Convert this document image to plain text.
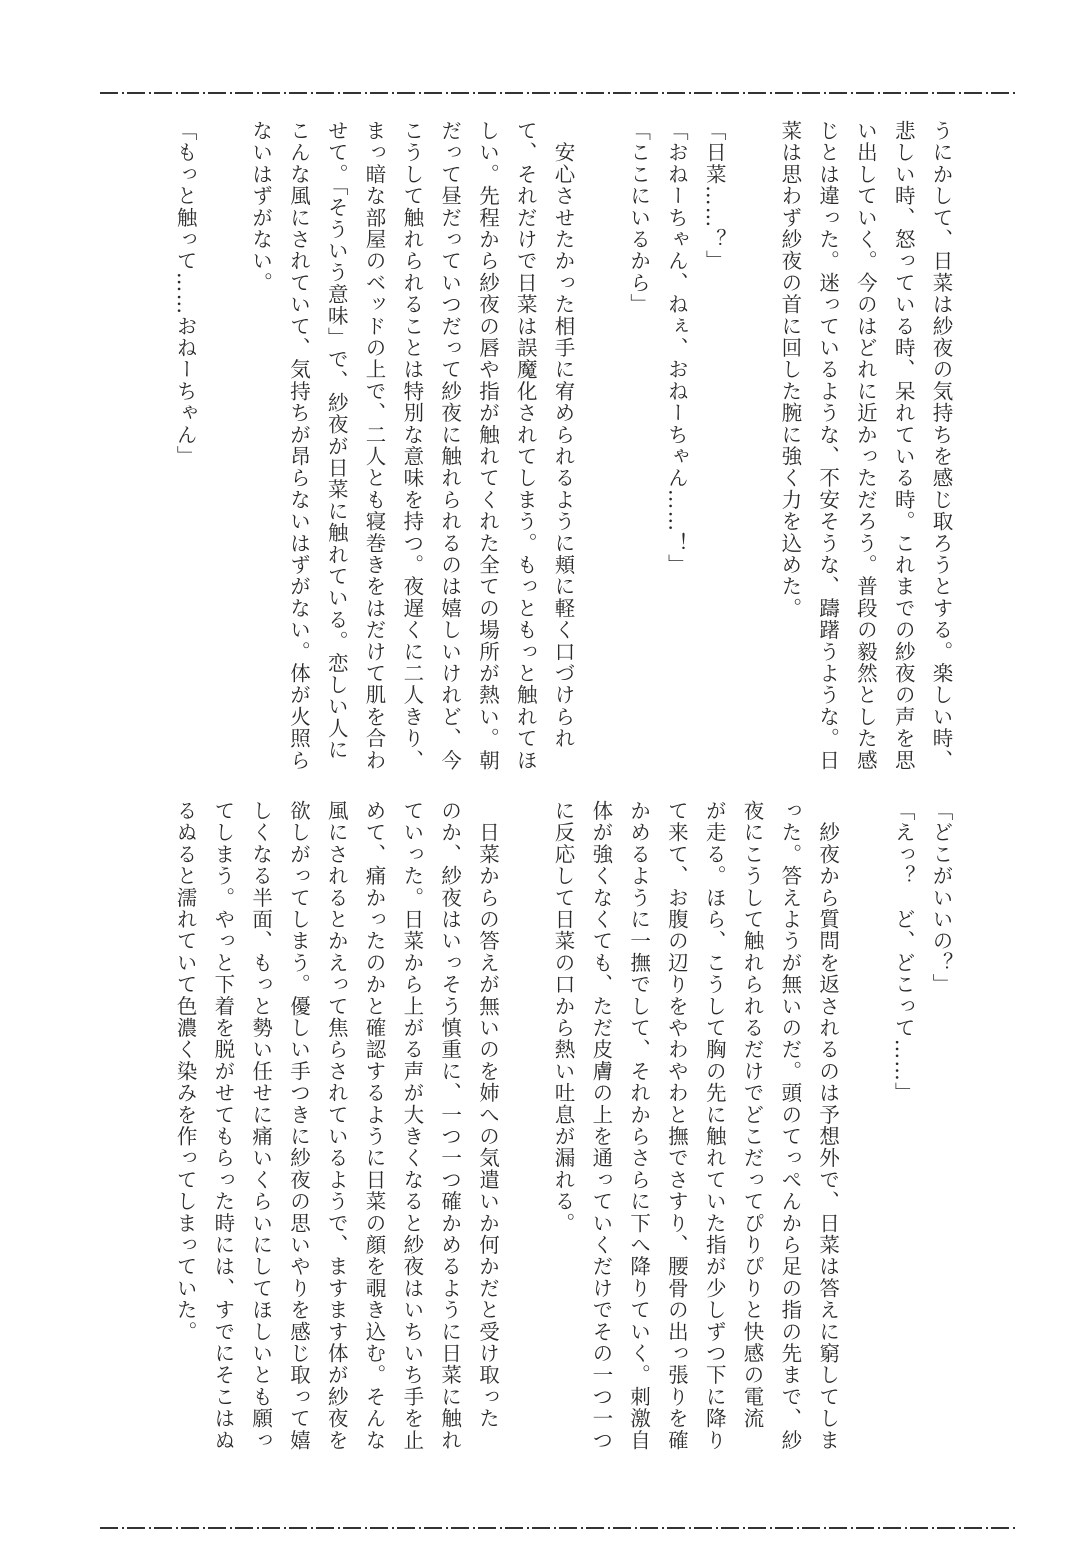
うにかして、日菜は紗夜の気持ちを感じ取ろうとする。楽しい時、
悲しい時、怒っている時、呆れている時。これまでの紗夜の声を思
い出していく。今のはどれに近かっただろう。普段の毅然とした感
じとは違った。迷っているような、不安そうな、躊躇うような。日
菜は思わず紗夜の首に回した腕に強く力を込めた。

「日菜……？」
「おねーちゃん、ねぇ、おねーちゃん……！」
「ここにいるから」

　安心させたかった相手に宥められるように頬に軽く口づけられ
て、それだけで日菜は誤魔化されてしまう。もっともっと触れてほ
しい。先程から紗夜の唇や指が触れてくれた全ての場所が熱い。朝
だって昼だっていつだって紗夜に触れられるのは嬉しいけれど、今
こうして触れられることは特別な意味を持つ。夜遅くに二人きり、
まっ暗な部屋のベッドの上で、二人とも寝巻きをはだけて肌を合わ
せて。「そういう意味」で、紗夜が日菜に触れている。恋しい人に
こんな風にされていて、気持ちが昂らないはずがない。体が火照ら
ないはずがない。

「もっと触って……おねーちゃん」
「どこがいいの？」
「えっ？　ど、どこって……」

　紗夜から質問を返されるのは予想外で、日菜は答えに窮してしま
った。答えようが無いのだ。頭のてっぺんから足の指の先まで、紗
夜にこうして触れられるだけでどこだってぴりぴりと快感の電流
が走る。ほら、こうして胸の先に触れていた指が少しずつ下に降り
て来て、お腹の辺りをやわやわと撫でさすり、腰骨の出っ張りを確
かめるように一撫でして、それからさらに下へ降りていく。刺激自
体が強くなくても、ただ皮膚の上を通っていくだけでその一つ一つ
に反応して日菜の口から熱い吐息が漏れる。

　日菜からの答えが無いのを姉への気遣いか何かだと受け取った
のか、紗夜はいっそう慎重に、一つ一つ確かめるように日菜に触れ
ていった。日菜から上がる声が大きくなると紗夜はいちいち手を止
めて、痛かったのかと確認するように日菜の顔を覗き込む。そんな
風にされるとかえって焦らされているようで、ますます体が紗夜を
欲しがってしまう。優しい手つきに紗夜の思いやりを感じ取って嬉
しくなる半面、もっと勢い任せに痛いくらいにしてほしいとも願っ
てしまう。やっと下着を脱がせてもらった時には、すでにそこはぬ
るぬると濡れていて色濃く染みを作ってしまっていた。
